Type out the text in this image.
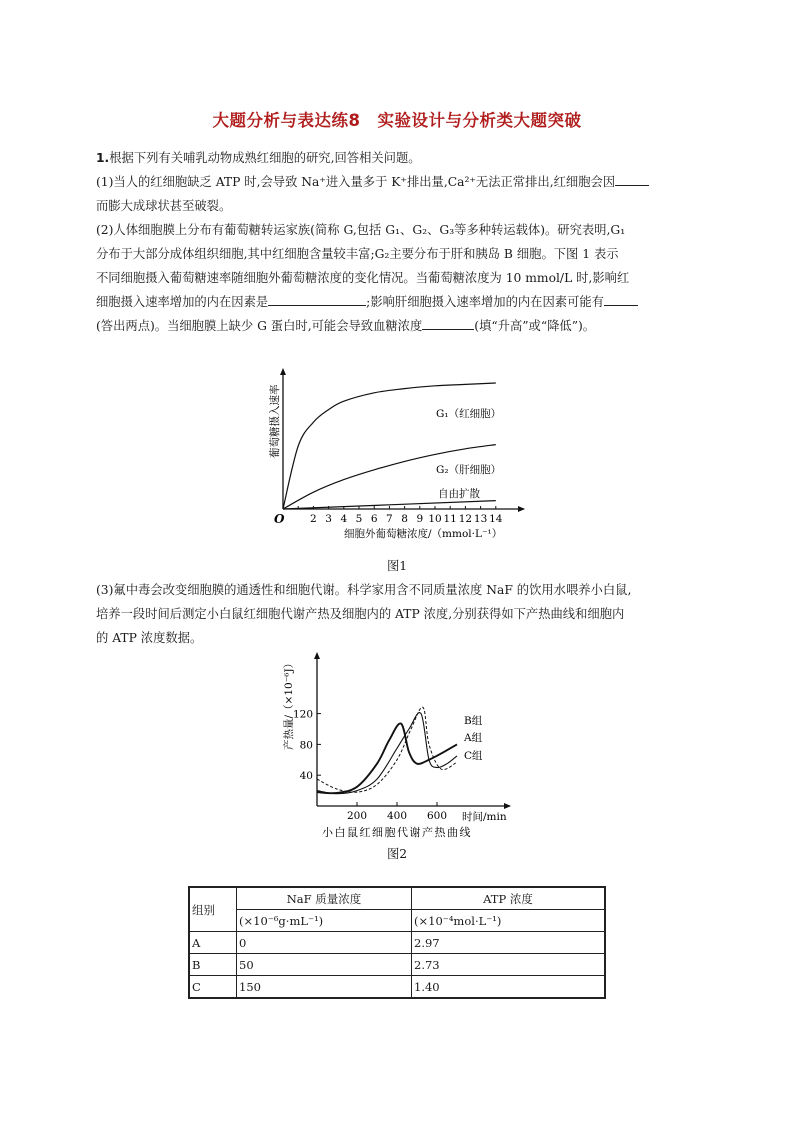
大题分析与表达练8　实验设计与分析类大题突破
1.根据下列有关哺乳动物成熟红细胞的研究,回答相关问题。
(1)当人的红细胞缺乏 ATP 时,会导致 Na⁺进入量多于 K⁺排出量,Ca²⁺无法正常排出,红细胞会因
而膨大成球状甚至破裂。
(2)人体细胞膜上分布有葡萄糖转运家族(简称 G,包括 G₁、G₂、G₃等多种转运载体)。研究表明,G₁
分布于大部分成体组织细胞,其中红细胞含量较丰富;G₂主要分布于肝和胰岛 B 细胞。下图 1 表示
不同细胞摄入葡萄糖速率随细胞外葡萄糖浓度的变化情况。当葡萄糖浓度为 10 mmol/L 时,影响红
细胞摄入速率增加的内在因素是	;影响肝细胞摄入速率增加的内在因素可能有
(答出两点)。当细胞膜上缺少 G 蛋白时,可能会导致血糖浓度	(填“升高”或“降低”)。
2 3 4 5 6 7 8 9 10 11 12 13 14
O
G₁（红细胞）
G₂（肝细胞）
自由扩散
细胞外葡萄糖浓度/（mmol·L⁻¹）
葡萄糖摄入速率
图1
(3)氟中毒会改变细胞膜的通透性和细胞代谢。科学家用含不同质量浓度 NaF 的饮用水喂养小白鼠,
培养一段时间后测定小白鼠红细胞代谢产热及细胞内的 ATP 浓度,分别获得如下产热曲线和细胞内
的 ATP 浓度数据。
40
80
120
200 400 600
B组
A组
C组
时间/min
小白鼠红细胞代谢产热曲线
产热量/（×10⁻⁶J）
图2
组别	NaF 质量浓度	ATP 浓度
	(×10⁻⁶g·mL⁻¹)	(×10⁻⁴mol·L⁻¹)
A	0	2.97
B	50	2.73
C	150	1.40
